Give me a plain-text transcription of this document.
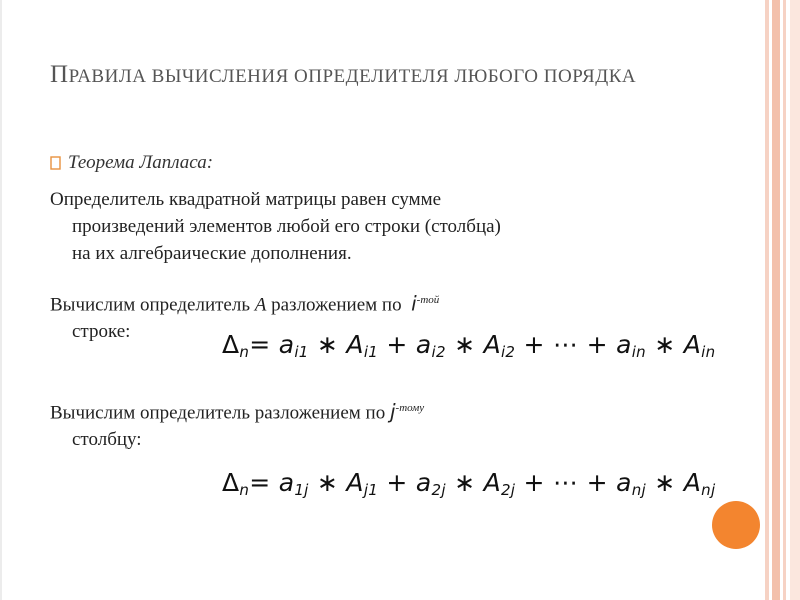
ПРАВИЛА ВЫЧИСЛЕНИЯ ОПРЕДЕЛИТЕЛЯ ЛЮБОГО ПОРЯДКА
Теорема Лапласа:
Определитель квадратной матрицы равен сумме
произведений элементов любой его строки (столбца)
на их алгебраические дополнения.
Вычислим определитель A разложением по $i^{-той}$
строке:	$\Delta_n= a_{i1}$ ∗ $A_{i1} + a_{i2}$ ∗ $A_{i2}$ + ⋯ + $a_{in}$ ∗ $A_{in}$
Вычислим определитель разложением по $j^{-тому}$
столбцу:
$\Delta_n= a_{1j}$ ∗ $A_{j1} + a_{2j}$ ∗ $A_{2j}$ + ⋯ + $a_{nj}$ ∗ $A_{nj}$
